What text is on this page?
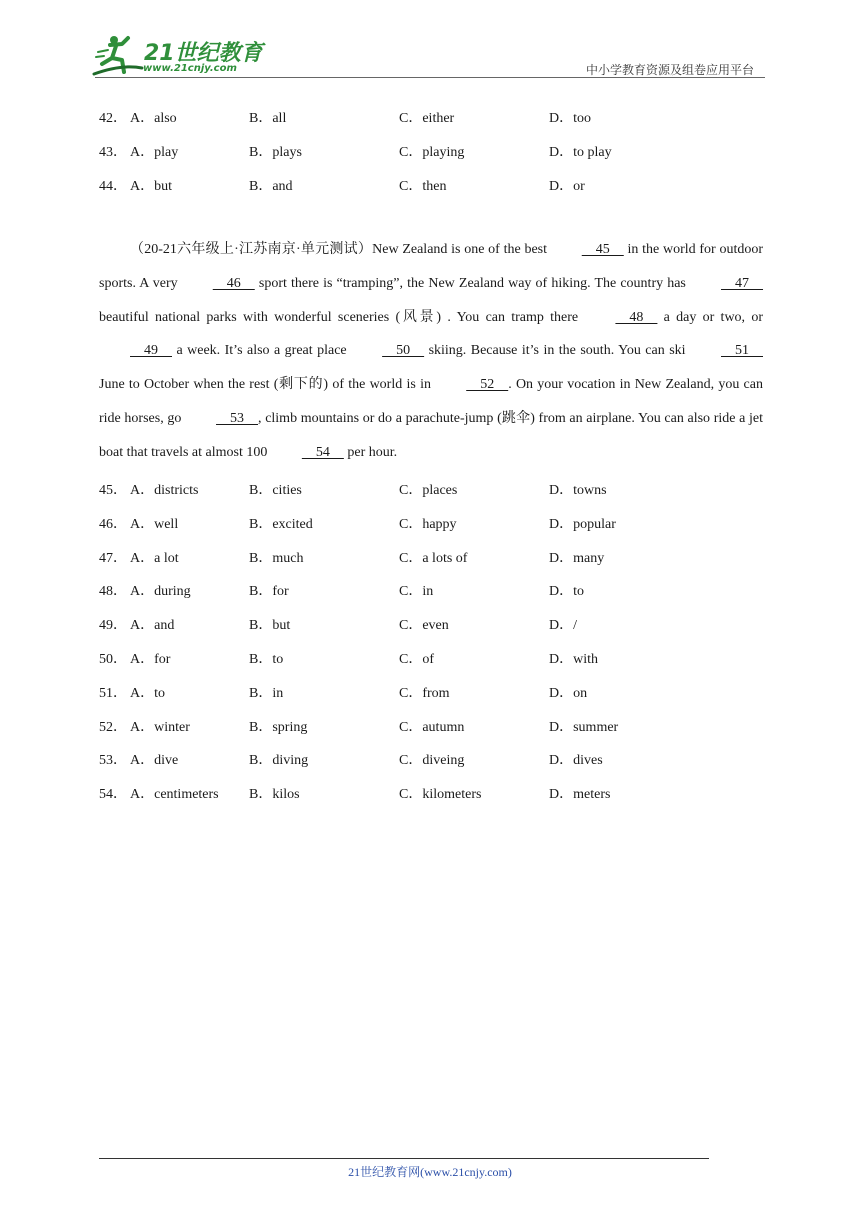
21世纪教育
www.21cnjy.com	中小学教育资源及组卷应用平台
42． A．also	B．all	C．either	D．too
43． A．play	B．plays	C．playing	D．to play
44． A．but	B．and	C．then	D．or

（20-21六年级上·江苏南京·单元测试）New Zealand is one of the best     45     in the world for outdoor sports. A very     46     sport there is “tramping”, the New Zealand way of hiking. The country has     47     beautiful national parks with wonderful sceneries (风景) . You can tramp there     48     a day or two, or     49     a week. It’s also a great place     50     skiing. Because it’s in the south. You can ski     51     June to October when the rest (剩下的) of the world is in     52    . On your vocation in New Zealand, you can ride horses, go     53    , climb mountains or do a parachute-jump (跳伞) from an airplane. You can also ride a jet boat that travels at almost 100     54     per hour.

45． A．districts	B．cities	C．places	D．towns
46． A．well	B．excited	C．happy	D．popular
47． A．a lot	B．much	C．a lots of	D．many
48． A．during	B．for	C．in	D．to
49． A．and	B．but	C．even	D．/
50． A．for	B．to	C．of	D．with
51． A．to	B．in	C．from	D．on
52． A．winter	B．spring	C．autumn	D．summer
53． A．dive	B．diving	C．diveing	D．dives
54． A．centimeters B．kilos	C．kilometers	D．meters
21世纪教育网(www.21cnjy.com)
